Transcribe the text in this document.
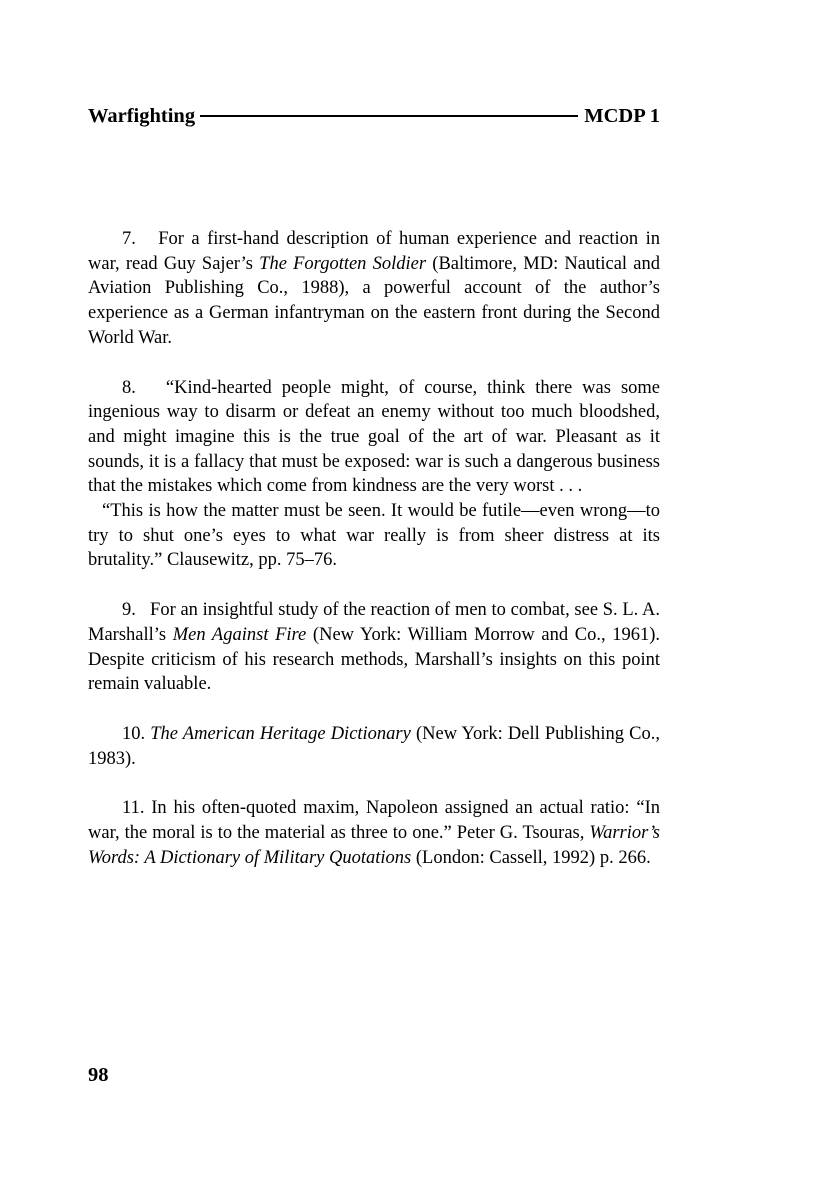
Warfighting	MCDP 1

7. For a first-hand description of human experience and reaction in war, read Guy Sajer’s The Forgotten Soldier (Baltimore, MD: Nautical and Aviation Publishing Co., 1988), a powerful account of the author’s experience as a German infantryman on the eastern front during the Second World War.

8. “Kind-hearted people might, of course, think there was some ingenious way to disarm or defeat an enemy without too much bloodshed, and might imagine this is the true goal of the art of war. Pleasant as it sounds, it is a fallacy that must be exposed: war is such a dangerous business that the mistakes which come from kindness are the very worst . . .

“This is how the matter must be seen. It would be futile—even wrong—to try to shut one’s eyes to what war really is from sheer distress at its brutality.” Clausewitz, pp. 75–76.

9. For an insightful study of the reaction of men to combat, see S. L. A. Marshall’s Men Against Fire (New York: William Morrow and Co., 1961). Despite criticism of his research methods, Marshall’s insights on this point remain valuable.

10. The American Heritage Dictionary (New York: Dell Publishing Co., 1983).

11. In his often-quoted maxim, Napoleon assigned an actual ratio: “In war, the moral is to the material as three to one.” Peter G. Tsouras, Warrior’s Words: A Dictionary of Military Quotations (London: Cassell, 1992) p. 266.

98
